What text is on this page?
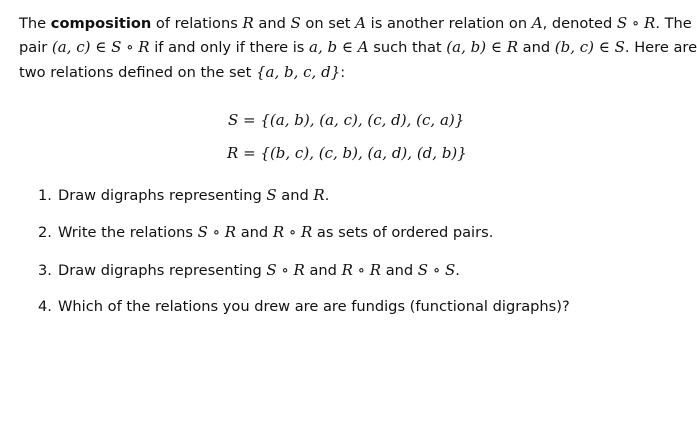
The composition of relations R and S on set A is another relation on A, denoted S ∘ R. The
pair (a, c) ∈ S ∘ R if and only if there is a, b ∈ A such that (a, b) ∈ R and (b, c) ∈ S. Here are
two relations defined on the set {a, b, c, d}:
S = {(a, b), (a, c), (c, d), (c, a)}
R = {(b, c), (c, b), (a, d), (d, b)}
1. Draw digraphs representing S and R.
2. Write the relations S ∘ R and R ∘ R as sets of ordered pairs.
3. Draw digraphs representing S ∘ R and R ∘ R and S ∘ S.
4. Which of the relations you drew are are fundigs (functional digraphs)?
